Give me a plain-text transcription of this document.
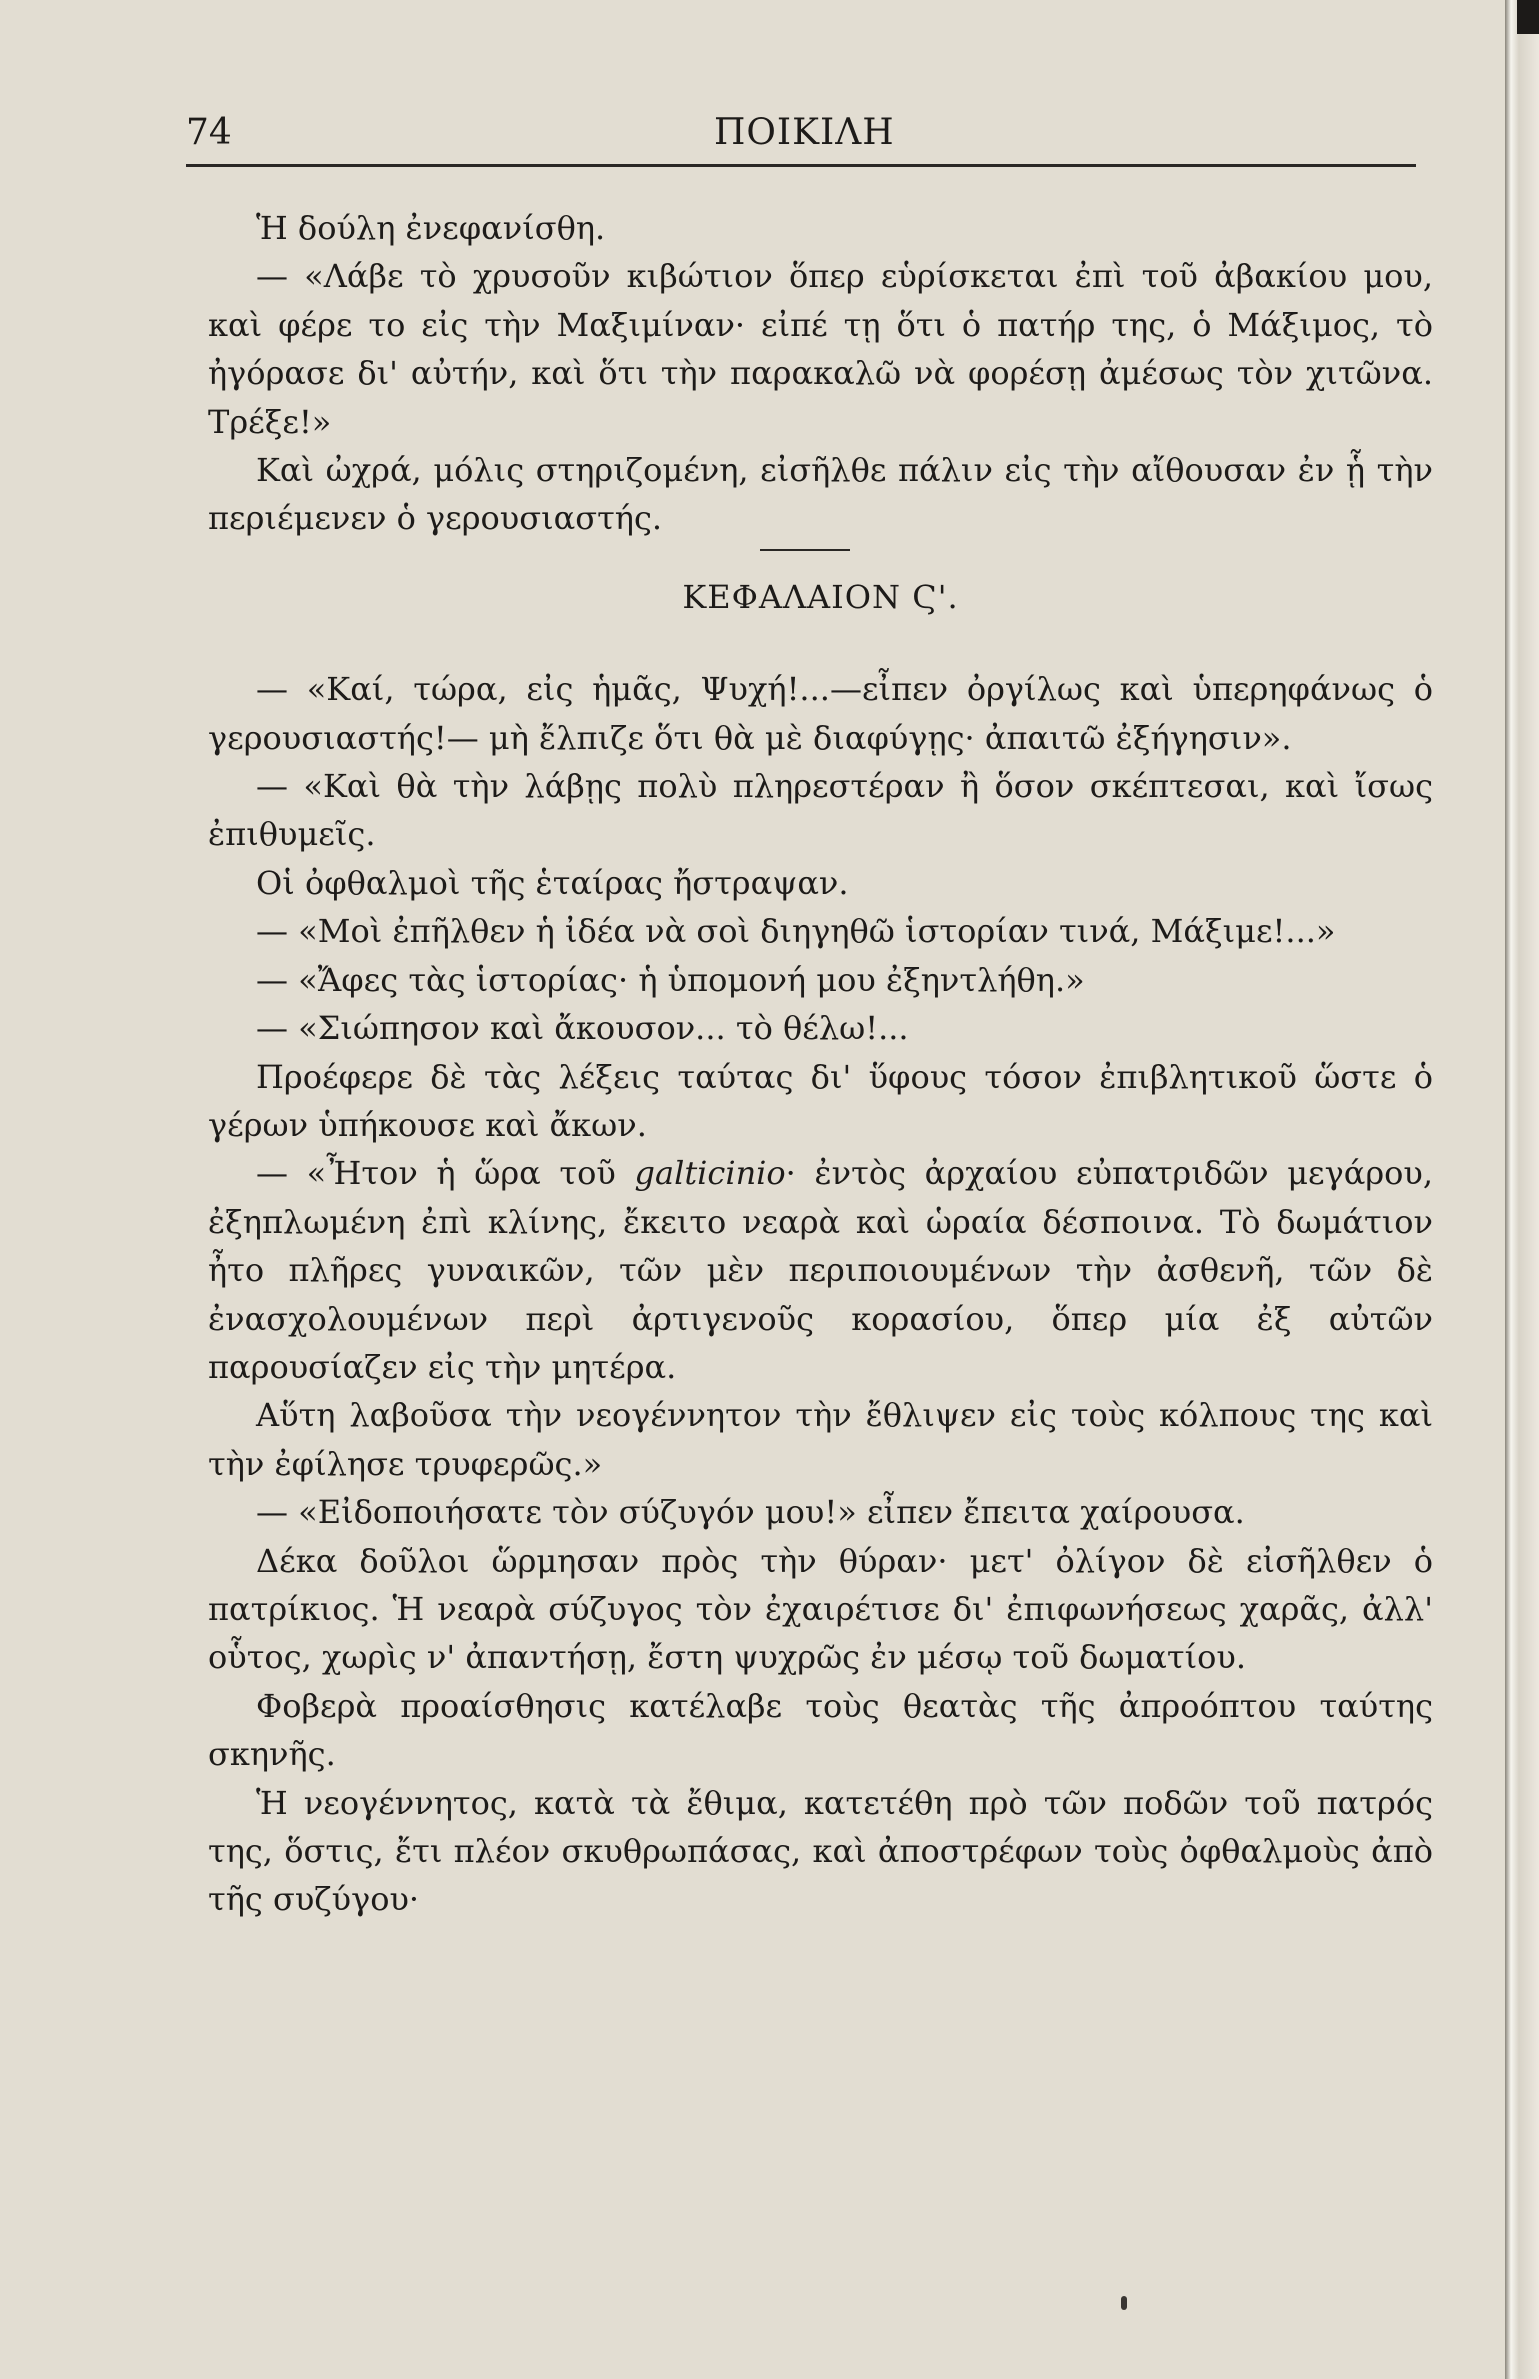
74	ΠΟΙΚΙΛΗ

Ἡ δούλη ἐνεφανίσθη.

— «Λάβε τὸ χρυσοῦν κιβώτιον ὅπερ εὑρίσκεται ἐπὶ τοῦ ἀβακίου μου, καὶ φέρε το εἰς τὴν Μαξιμίναν· εἰπέ τῃ ὅτι ὁ πατήρ της, ὁ Μάξιμος, τὸ ἠγόρασε δι' αὐτήν, καὶ ὅτι τὴν παρακαλῶ νὰ φορέσῃ ἀμέσως τὸν χιτῶνα. Τρέξε!»

Καὶ ὠχρά, μόλις στηριζομένη, εἰσῆλθε πάλιν εἰς τὴν αἴθουσαν ἐν ᾗ τὴν περιέμενεν ὁ γερουσιαστής.

ΚΕΦΑΛΑΙΟΝ Ϛ'.

— «Καί, τώρα, εἰς ἡμᾶς, Ψυχή!...—εἶπεν ὀργίλως καὶ ὑπερηφάνως ὁ γερουσιαστής!— μὴ ἔλπιζε ὅτι θὰ μὲ διαφύγῃς· ἀπαιτῶ ἐξήγησιν».

— «Καὶ θὰ τὴν λάβῃς πολὺ πληρεστέραν ἢ ὅσον σκέπτεσαι, καὶ ἴσως ἐπιθυμεῖς.

Οἱ ὀφθαλμοὶ τῆς ἑταίρας ἤστραψαν.

— «Μοὶ ἐπῆλθεν ἡ ἰδέα νὰ σοὶ διηγηθῶ ἱστορίαν τινά, Μάξιμε!...»

— «Ἄφες τὰς ἱστορίας· ἡ ὑπομονή μου ἐξηντλήθη.»

— «Σιώπησον καὶ ἄκουσον... τὸ θέλω!...

Προέφερε δὲ τὰς λέξεις ταύτας δι' ὕφους τόσον ἐπιβλητικοῦ ὥστε ὁ γέρων ὑπήκουσε καὶ ἄκων.

— «Ἦτον ἡ ὥρα τοῦ galticinio· ἐντὸς ἀρχαίου εὐπατριδῶν μεγάρου, ἐξηπλωμένη ἐπὶ κλίνης, ἔκειτο νεαρὰ καὶ ὡραία δέσποινα. Τὸ δωμάτιον ἦτο πλῆρες γυναικῶν, τῶν μὲν περιποιουμένων τὴν ἀσθενῆ, τῶν δὲ ἐνασχολουμένων περὶ ἀρτιγενοῦς κορασίου, ὅπερ μία ἐξ αὐτῶν παρουσίαζεν εἰς τὴν μητέρα.

Αὕτη λαβοῦσα τὴν νεογέννητον τὴν ἔθλιψεν εἰς τοὺς κόλπους της καὶ τὴν ἐφίλησε τρυφερῶς.»

— «Εἰδοποιήσατε τὸν σύζυγόν μου!» εἶπεν ἔπειτα χαίρουσα.

Δέκα δοῦλοι ὥρμησαν πρὸς τὴν θύραν· μετ' ὀλίγον δὲ εἰσῆλθεν ὁ πατρίκιος. Ἡ νεαρὰ σύζυγος τὸν ἐχαιρέτισε δι' ἐπιφωνήσεως χαρᾶς, ἀλλ' οὗτος, χωρὶς ν' ἀπαντήσῃ, ἔστη ψυχρῶς ἐν μέσῳ τοῦ δωματίου.

Φοβερὰ προαίσθησις κατέλαβε τοὺς θεατὰς τῆς ἀπροόπτου ταύτης σκηνῆς.

Ἡ νεογέννητος, κατὰ τὰ ἔθιμα, κατετέθη πρὸ τῶν ποδῶν τοῦ πατρός της, ὅστις, ἔτι πλέον σκυθρωπάσας, καὶ ἀποστρέφων τοὺς ὀφθαλμοὺς ἀπὸ τῆς συζύγου·
